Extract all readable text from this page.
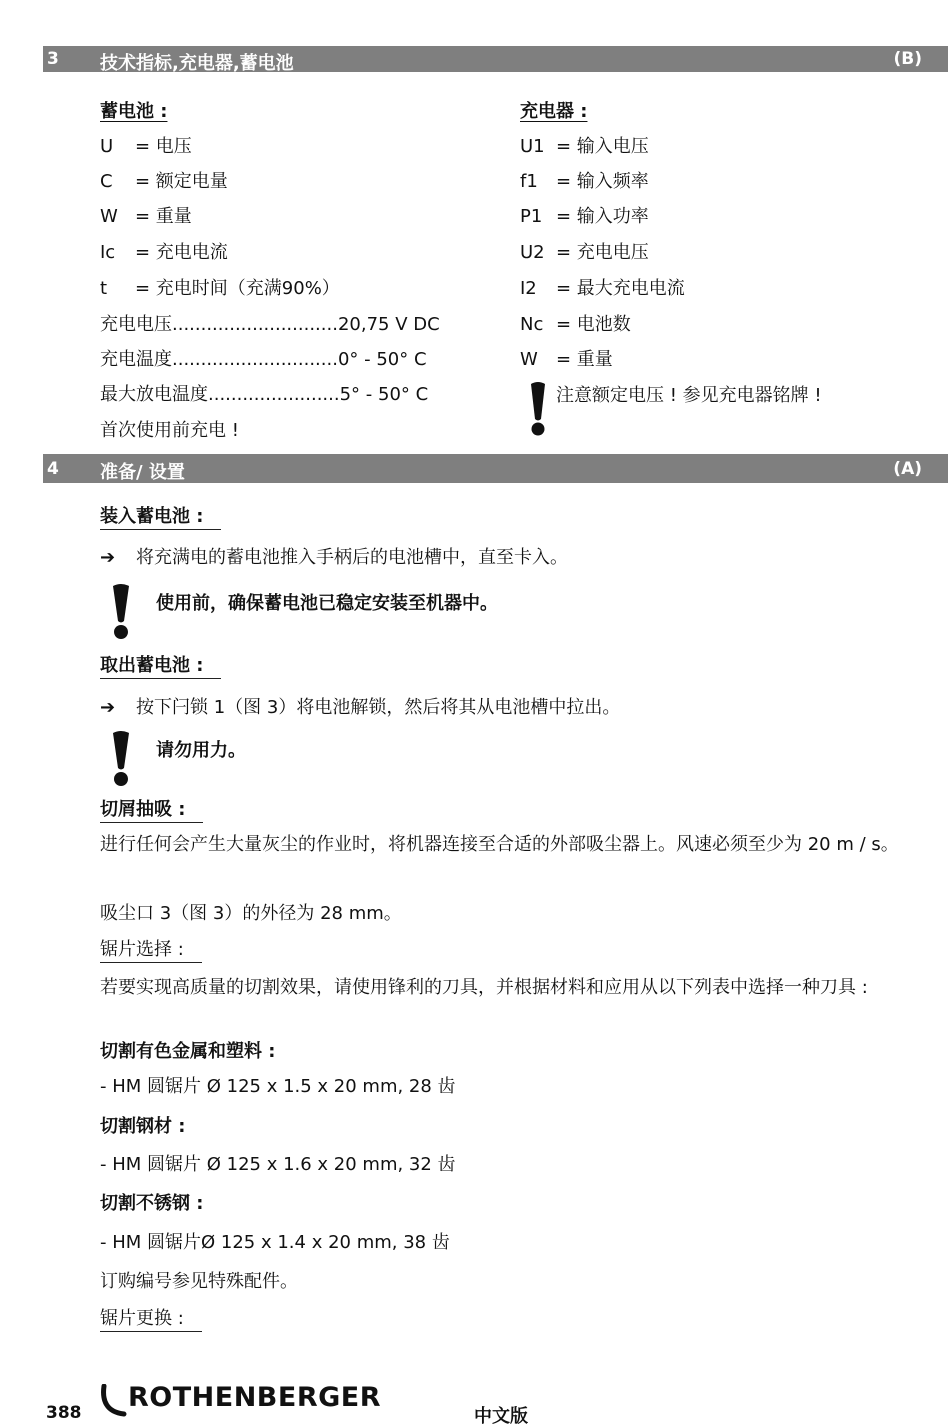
3 技术指标,充电器,蓄电池	(B)
蓄电池 :
U = 电压
C = 额定电量
W = 重量
Ic = 充电电流
t = 充电时间（充满90%）
充电电压.............................20,75 V DC
充电温度.............................0° - 50° C
最大放电温度.......................5° - 50° C
首次使用前充电 !
充电器 :
U1 = 输入电压
f1 = 输入频率
P1 = 输入功率
U2 = 充电电压
I2 = 最大充电电流
Nc = 电池数
W = 重量
注意额定电压 ! 参见充电器铭牌 !
4 准备/ 设置	(A)
装入蓄电池 :
➔ 将充满电的蓄电池推入手柄后的电池槽中，直至卡入。
使用前，确保蓄电池已稳定安装至机器中。
取出蓄电池 :
➔ 按下闩锁 1（图 3）将电池解锁，然后将其从电池槽中拉出。
请勿用力。
切屑抽吸 :
进行任何会产生大量灰尘的作业时，将机器连接至合适的外部吸尘器上。风速必须至少为 20 m / s。
吸尘口 3（图 3）的外径为 28 mm。
锯片选择 :
若要实现高质量的切割效果，请使用锋利的刀具，并根据材料和应用从以下列表中选择一种刀具 :
切割有色金属和塑料 :
- HM 圆锯片 Ø 125 x 1.5 x 20 mm, 28 齿
切割钢材 :
- HM 圆锯片 Ø 125 x 1.6 x 20 mm, 32 齿
切割不锈钢 :
- HM 圆锯片Ø 125 x 1.4 x 20 mm, 38 齿
订购编号参见特殊配件。
锯片更换 :
388 ROTHENBERGER
中文版
